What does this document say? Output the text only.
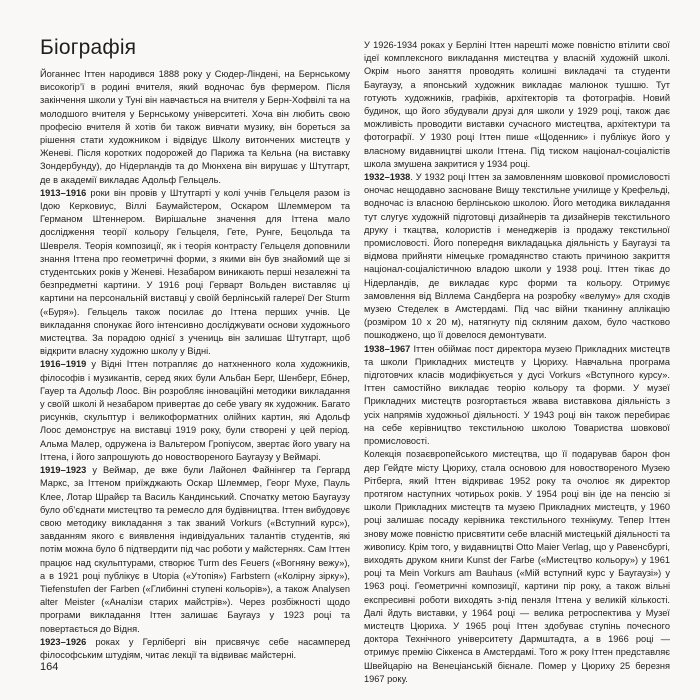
Біографія

Йоганнес Іттен народився 1888 року у Сюдер-Ліндені, на Бернському високогір’ї в родині вчителя, який водночас був фермером. Після закінчення школи у Туні він навчається на вчителя у Берн-Хофвілі та на молодшого вчителя у Бернському університеті. Хоча він любить свою професію вчителя й хотів би також вивчати музику, він бореться за рішення стати художником і відвідує Школу витончених мистецтв у Женеві. Після коротких подорожей до Парижа та Кельна (на виставку Зондербунду), до Нідерландів та до Мюнхена він вирушає у Штутгарт, де в академії викладає Адольф Гельцель.

1913–1916 роки він провів у Штутгарті у колі учнів Гельцеля разом із Ідою Керковиус, Віллі Баумайстером, Оскаром Шлеммером та Германом Штеннером. Вирішальне значення для Іттена мало дослідження теорії кольору Гельцеля, Гете, Рунге, Бецольда та Шевреля. Теорія композиції, як і теорія контрасту Гельцеля доповнили знання Іттена про геометричні форми, з якими він був знайомий ще зі студентських років у Женеві. Незабаром виникають перші незалежні та безпредметні картини. У 1916 році Герварт Вольден виставляє ці картини на персональній виставці у своїй берлінській галереї Der Sturm («Буря»). Гельцель також посилає до Іттена перших учнів. Це викладання спонукає його інтенсивно досліджувати основи художнього мистецтва. За порадою однієї з учениць він залишає Штутгарт, щоб відкрити власну художню школу у Відні.

1916–1919 у Відні Іттен потрапляє до натхненного кола художників, філософів і музикантів, серед яких були Альбан Берг, Шенберг, Ебнер, Гауер та Адольф Лоос. Він розробляє інноваційні методики викладання у своїй школі й незабаром привертає до себе увагу як художник. Багато рисунків, скульптур і великоформатних олійних картин, які Адольф Лоос демонструє на виставці 1919 року, були створені у цей період. Альма Малер, одружена із Вальтером Гропіусом, звертає його увагу на Іттена, і його запрошують до новоствореного Баугаузу у Веймарі.

1919–1923 у Веймар, де вже були Лайонел Файнінгер та Гергард Маркс, за Іттеном приїжджають Оскар Шлеммер, Георг Мухе, Пауль Клее, Лотар Шрайєр та Василь Кандинський. Спочатку метою Баугаузу було об’єднати мистецтво та ремесло для будівництва. Іттен вибудовує свою методику викладання з так званий Vorkurs («Вступний курс»), завданням якого є виявлення індивідуальних талантів студентів, які потім можна було б підтвердити під час роботи у майстернях. Сам Іттен працює над скульптурами, створює Turm des Feuers («Вогняну вежу»), а в 1921 році публікує в Utopia («Утопія») Farbstern («Колірну зірку»), Tiefenstufen der Farben («Глибинні ступені кольорів»), а також Analysen alter Meister («Аналізи старих майстрів»). Через розбіжності щодо програми викладання Іттен залишає Баугауз у 1923 році та повертається до Відня.

1923–1926 роках у Герлібергі він присвячує себе насамперед філософським штудіям, читає лекції та відвиває майстерні.

У 1926-1934 роках у Берліні Іттен нарешті може повністю втілити свої ідеї комплексного викладання мистецтва у власній художній школі. Окрім нього заняття проводять колишні викладачі та студенти Баугаузу, а японський художник викладає малюнок тушшю. Тут готують художників, графіків, архітекторів та фотографів. Новий будинок, що його збудували друзі для школи у 1929 році, також дає можливість проводити виставки сучасного мистецтва, архітектури та фотографії. У 1930 році Іттен пише «Щоденник» і публікує його у власному видавництві школи Іттена. Під тиском націонал-соціалістів школа змушена закритися у 1934 році.

1932–1938. У 1932 році Іттен за замовленням шовкової промисловості оночас нещодавно засноване Вищу текстильне училище у Крефельді, водночас із власною берлінською школою. Його методика викладання тут слугує художній підготовці дизайнерів та дизайнерів текстильного друку і ткацтва, колористів і менеджерів із продажу текстильної промисловості. Його попередня викладацька діяльність у Баугаузі та відмова прийняти німецьке громадянство стають причиною закриття націонал-соціалістичною владою школи у 1938 році. Іттен тікає до Нідерландів, де викладає курс форми та кольору. Отримує замовлення від Віллема Сандберга на розробку «велуму» для сходів музею Стеделек в Амстердамі. Під час війни тканинну аплікацію (розміром 10 х 20 м), натягнуту під скляним дахом, було частково пошкоджено, що її довелося демонтувати.

1938–1967 Іттен обіймає пост директора музею Прикладних мистецтв та школи Прикладних мистецтв у Цюриху. Навчальна програма підготовчих класів модифікується у дусі Vorkurs «Вступного курсу». Іттен самостійно викладає теорію кольору та форми. У музеї Прикладних мистецтв розгортається жвава виставкова діяльність з усіх напрямів художньої діяльності. У 1943 році він також перебирає на себе керівництво текстильною школою Товариства шовкової промисловості.

Колекція позаєвропейського мистецтва, що її подарував барон фон дер Гейдте місту Цюриху, стала основою для новоствореного Музею Рітберга, який Іттен відкриває 1952 року та очолює як директор протягом наступних чотирьох років. У 1954 році він іде на пенсію зі школи Прикладних мистецтв та музею Прикладних мистецтв, у 1960 році залишає посаду керівника текстильного технікуму. Тепер Іттен знову може повністю присвятити себе власній мистецькій діяльності та живопису. Крім того, у видавництві Otto Maier Verlag, що у Равенсбургі, виходять друком книги Kunst der Farbe («Мистецтво кольору») у 1961 році та Mein Vorkurs am Bauhaus («Мій вступний курс у Баугаузі») у 1963 році. Геометричні композиції, картини пір року, а також вільні експресивні роботи виходять з-під пензля Іттена у великій кількості. Далі йдуть виставки, у 1964 році — велика ретроспектива у Музеї мистецтв Цюриха. У 1965 році Іттен здобуває ступінь почесного доктора Технічного університету Дармштадта, а в 1966 році — отримує премію Сіккенса в Амстердамі. Того ж року Іттен представляє Швейцарію на Венеціанській бієнале. Помер у Цюриху 25 березня 1967 року.

164
